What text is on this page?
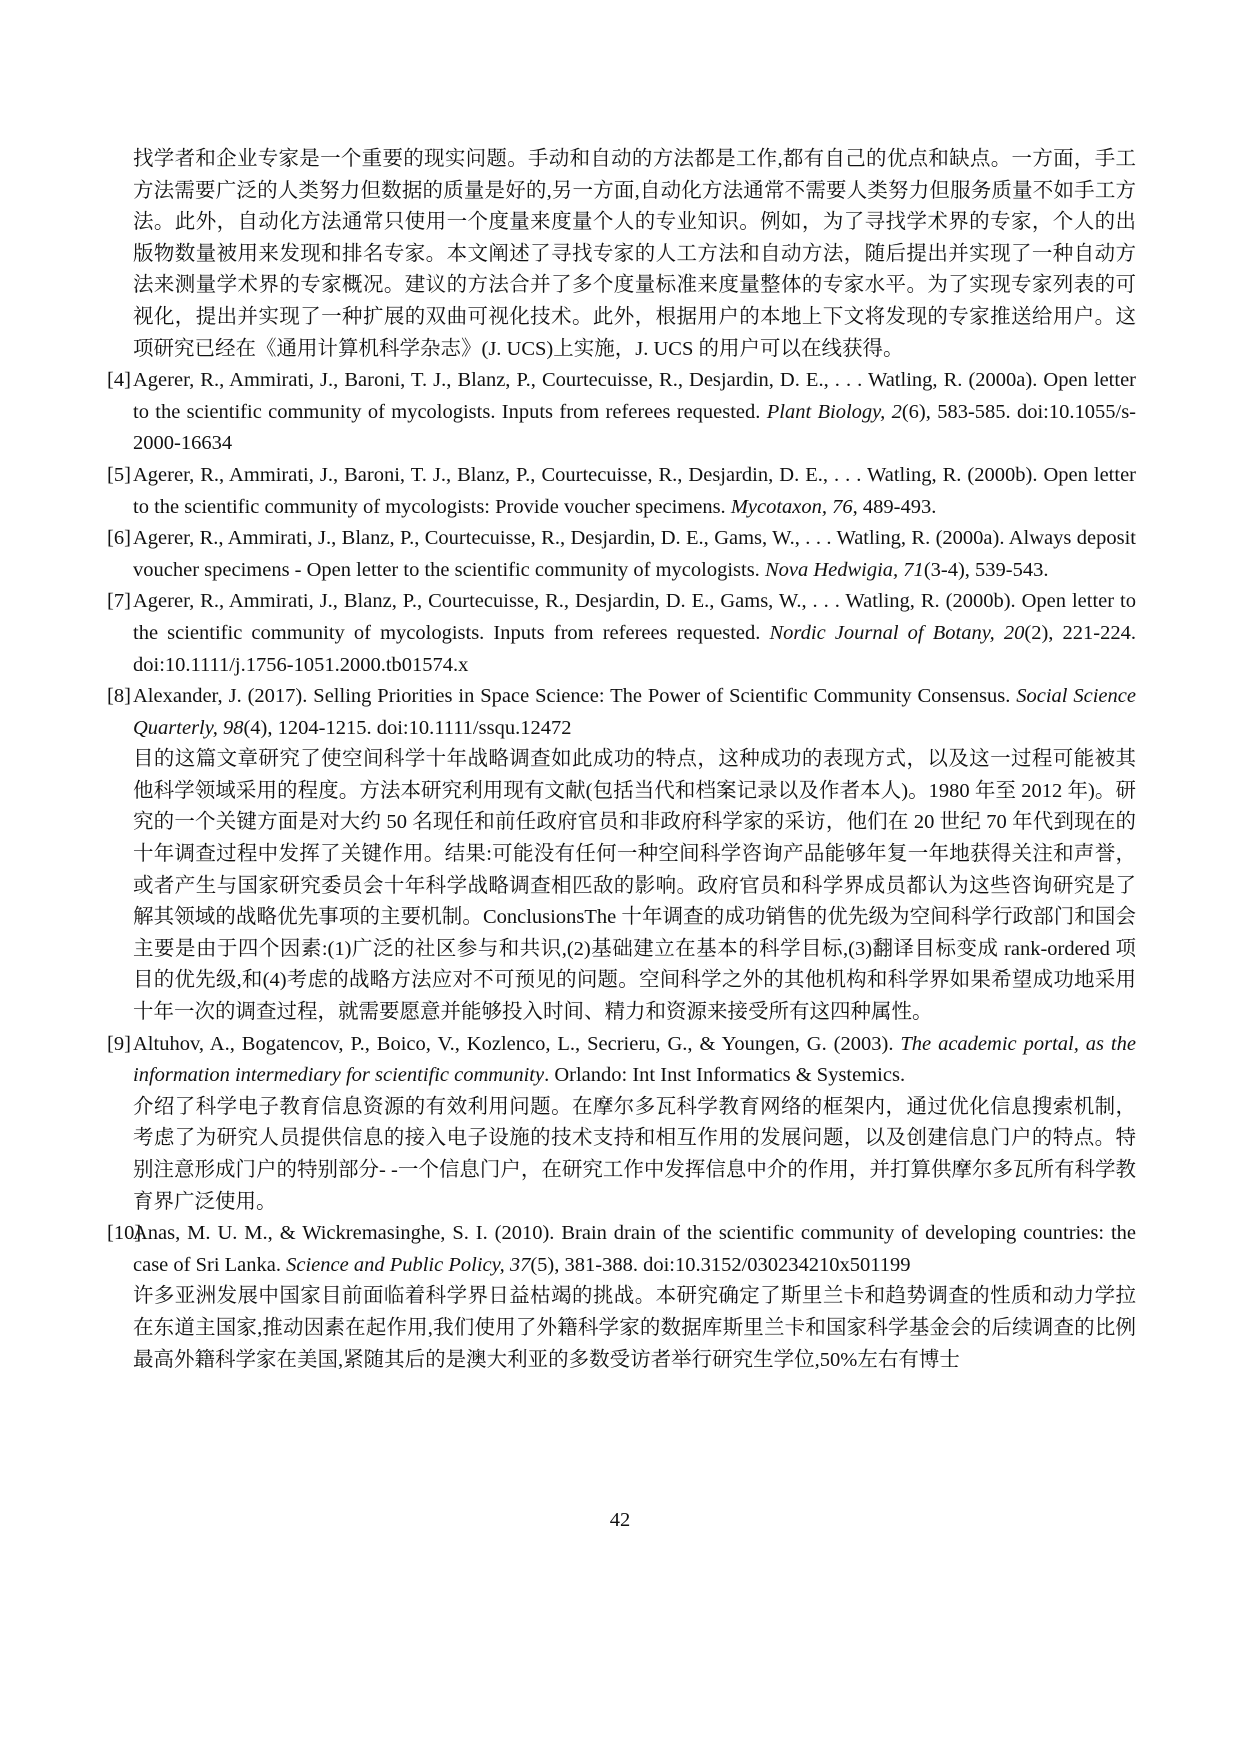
找学者和企业专家是一个重要的现实问题。手动和自动的方法都是工作,都有自己的优点和缺点。一方面，手工方法需要广泛的人类努力但数据的质量是好的,另一方面,自动化方法通常不需要人类努力但服务质量不如手工方法。此外，自动化方法通常只使用一个度量来度量个人的专业知识。例如，为了寻找学术界的专家，个人的出版物数量被用来发现和排名专家。本文阐述了寻找专家的人工方法和自动方法，随后提出并实现了一种自动方法来测量学术界的专家概况。建议的方法合并了多个度量标准来度量整体的专家水平。为了实现专家列表的可视化，提出并实现了一种扩展的双曲可视化技术。此外，根据用户的本地上下文将发现的专家推送给用户。这项研究已经在《通用计算机科学杂志》(J. UCS)上实施，J. UCS 的用户可以在线获得。

[4] Agerer, R., Ammirati, J., Baroni, T. J., Blanz, P., Courtecuisse, R., Desjardin, D. E., . . . Watling, R. (2000a). Open letter to the scientific community of mycologists. Inputs from referees requested. Plant Biology, 2(6), 583-585. doi:10.1055/s-2000-16634
[5] Agerer, R., Ammirati, J., Baroni, T. J., Blanz, P., Courtecuisse, R., Desjardin, D. E., . . . Watling, R. (2000b). Open letter to the scientific community of mycologists: Provide voucher specimens. Mycotaxon, 76, 489-493.
[6] Agerer, R., Ammirati, J., Blanz, P., Courtecuisse, R., Desjardin, D. E., Gams, W., . . . Watling, R. (2000a). Always deposit voucher specimens - Open letter to the scientific community of mycologists. Nova Hedwigia, 71(3-4), 539-543.
[7] Agerer, R., Ammirati, J., Blanz, P., Courtecuisse, R., Desjardin, D. E., Gams, W., . . . Watling, R. (2000b). Open letter to the scientific community of mycologists. Inputs from referees requested. Nordic Journal of Botany, 20(2), 221-224. doi:10.1111/j.1756-1051.2000.tb01574.x
[8] Alexander, J. (2017). Selling Priorities in Space Science: The Power of Scientific Community Consensus. Social Science Quarterly, 98(4), 1204-1215. doi:10.1111/ssqu.12472
目的这篇文章研究了使空间科学十年战略调查如此成功的特点，这种成功的表现方式，以及这一过程可能被其他科学领域采用的程度。方法本研究利用现有文献(包括当代和档案记录以及作者本人)。1980 年至 2012 年)。研究的一个关键方面是对大约 50 名现任和前任政府官员和非政府科学家的采访，他们在 20 世纪 70 年代到现在的十年调查过程中发挥了关键作用。结果:可能没有任何一种空间科学咨询产品能够年复一年地获得关注和声誉，或者产生与国家研究委员会十年科学战略调查相匹敌的影响。政府官员和科学界成员都认为这些咨询研究是了解其领域的战略优先事项的主要机制。ConclusionsThe 十年调查的成功销售的优先级为空间科学行政部门和国会主要是由于四个因素:(1)广泛的社区参与和共识,(2)基础建立在基本的科学目标,(3)翻译目标变成 rank-ordered 项目的优先级,和(4)考虑的战略方法应对不可预见的问题。空间科学之外的其他机构和科学界如果希望成功地采用十年一次的调查过程，就需要愿意并能够投入时间、精力和资源来接受所有这四种属性。
[9] Altuhov, A., Bogatencov, P., Boico, V., Kozlenco, L., Secrieru, G., & Youngen, G. (2003). The academic portal, as the information intermediary for scientific community. Orlando: Int Inst Informatics & Systemics.
介绍了科学电子教育信息资源的有效利用问题。在摩尔多瓦科学教育网络的框架内，通过优化信息搜索机制，考虑了为研究人员提供信息的接入电子设施的技术支持和相互作用的发展问题，以及创建信息门户的特点。特别注意形成门户的特别部分- -一个信息门户，在研究工作中发挥信息中介的作用，并打算供摩尔多瓦所有科学教育界广泛使用。
[10]
Anas, M. U. M., & Wickremasinghe, S. I. (2010). Brain drain of the scientific community of developing countries: the case of Sri Lanka. Science and Public Policy, 37(5), 381-388. doi:10.3152/030234210x501199
许多亚洲发展中国家目前面临着科学界日益枯竭的挑战。本研究确定了斯里兰卡和趋势调查的性质和动力学拉在东道主国家,推动因素在起作用,我们使用了外籍科学家的数据库斯里兰卡和国家科学基金会的后续调查的比例最高外籍科学家在美国,紧随其后的是澳大利亚的多数受访者举行研究生学位,50%左右有博士
42
